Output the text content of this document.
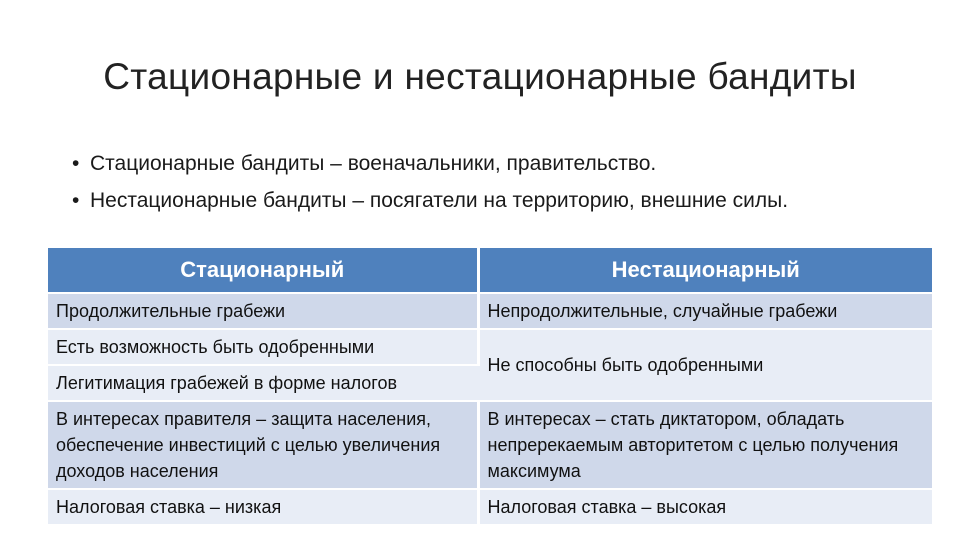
Стационарные и нестационарные бандиты
• Стационарные бандиты – военачальники, правительство.
• Нестационарные бандиты – посягатели на территорию, внешние силы.
Стационарный	Нестационарный
Продолжительные грабежи	Непродолжительные, случайные грабежи
Есть возможность быть одобренными	Не способны быть одобренными
Легитимация грабежей в форме налогов	
В интересах правителя – защита населения, обеспечение инвестиций с целью увеличения доходов населения	В интересах – стать диктатором, обладать непререкаемым авторитетом с целью получения максимума
Налоговая ставка – низкая	Налоговая ставка – высокая
